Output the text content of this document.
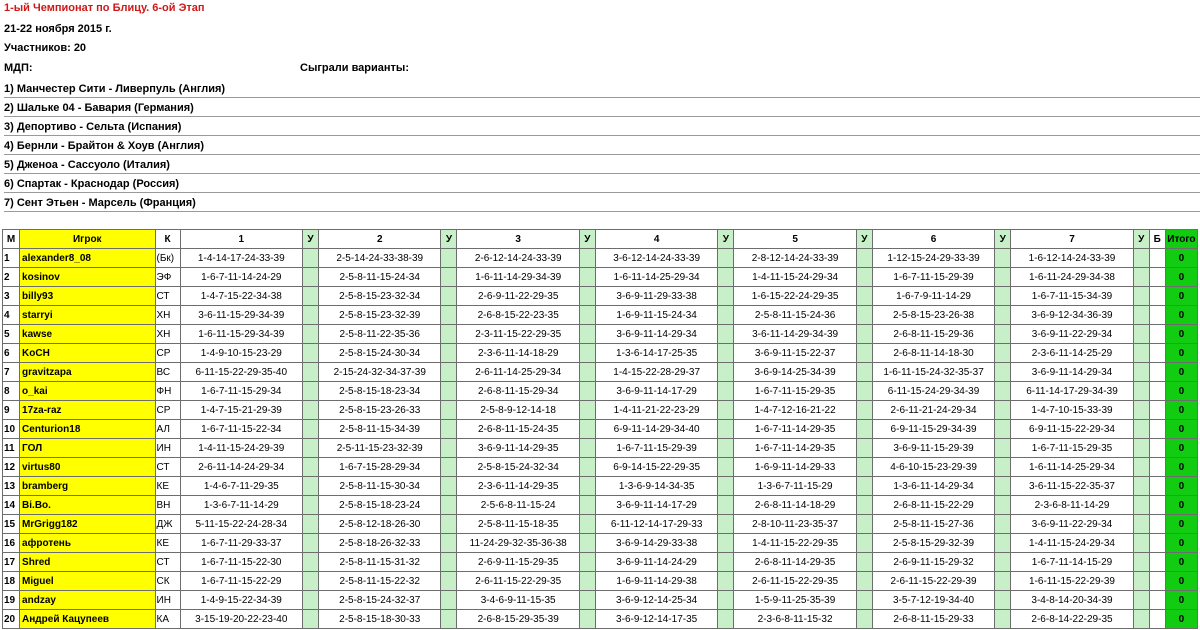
1-ый Чемпионат по Блицу. 6-ой Этап
21-22 ноября 2015 г.
Участников: 20
МДП:	Сыграли варианты:
1) Манчестер Сити - Ливерпуль (Англия)
2) Шальке 04 - Бавария (Германия)
3) Депортиво - Сельта (Испания)
4) Бернли - Брайтон & Хоув (Англия)
5) Дженоа - Сассуоло (Италия)
6) Спартак - Краснодар (Россия)
7) Сент Этьен - Марсель (Франция)
М	Игрок	К	1	У	2	У	3	У	4	У	5	У	6	У	7	У	Б	Итого
1	alexander8_08	(Бк)	1-4-14-17-24-33-39		2-5-14-24-33-38-39		2-6-12-14-24-33-39		3-6-12-14-24-33-39		2-8-12-14-24-33-39		1-12-15-24-29-33-39		1-6-12-14-24-33-39			0
2	kosinov	ЭФ	1-6-7-11-14-24-29		2-5-8-11-15-24-34		1-6-11-14-29-34-39		1-6-11-14-25-29-34		1-4-11-15-24-29-34		1-6-7-11-15-29-39		1-6-11-24-29-34-38			0
3	billy93	СТ	1-4-7-15-22-34-38		2-5-8-15-23-32-34		2-6-9-11-22-29-35		3-6-9-11-29-33-38		1-6-15-22-24-29-35		1-6-7-9-11-14-29		1-6-7-11-15-34-39			0
4	starryi	ХН	3-6-11-15-29-34-39		2-5-8-15-23-32-39		2-6-8-15-22-23-35		1-6-9-11-15-24-34		2-5-8-11-15-24-36		2-5-8-15-23-26-38		3-6-9-12-34-36-39			0
5	kawse	ХН	1-6-11-15-29-34-39		2-5-8-11-22-35-36		2-3-11-15-22-29-35		3-6-9-11-14-29-34		3-6-11-14-29-34-39		2-6-8-11-15-29-36		3-6-9-11-22-29-34			0
6	KoCH	СР	1-4-9-10-15-23-29		2-5-8-15-24-30-34		2-3-6-11-14-18-29		1-3-6-14-17-25-35		3-6-9-11-15-22-37		2-6-8-11-14-18-30		2-3-6-11-14-25-29			0
7	gravitzapa	ВС	6-11-15-22-29-35-40		2-15-24-32-34-37-39		2-6-11-14-25-29-34		1-4-15-22-28-29-37		3-6-9-14-25-34-39		1-6-11-15-24-32-35-37		3-6-9-11-14-29-34			0
8	o_kai	ФН	1-6-7-11-15-29-34		2-5-8-15-18-23-34		2-6-8-11-15-29-34		3-6-9-11-14-17-29		1-6-7-11-15-29-35		6-11-15-24-29-34-39		6-11-14-17-29-34-39			0
9	17za-raz	СР	1-4-7-15-21-29-39		2-5-8-15-23-26-33		2-5-8-9-12-14-18		1-4-11-21-22-23-29		1-4-7-12-16-21-22		2-6-11-21-24-29-34		1-4-7-10-15-33-39			0
10	Centurion18	АЛ	1-6-7-11-15-22-34		2-5-8-11-15-34-39		2-6-8-11-15-24-35		6-9-11-14-29-34-40		1-6-7-11-14-29-35		6-9-11-15-29-34-39		6-9-11-15-22-29-34			0
11	ГОЛ	ИН	1-4-11-15-24-29-39		2-5-11-15-23-32-39		3-6-9-11-14-29-35		1-6-7-11-15-29-39		1-6-7-11-14-29-35		3-6-9-11-15-29-39		1-6-7-11-15-29-35			0
12	virtus80	СТ	2-6-11-14-24-29-34		1-6-7-15-28-29-34		2-5-8-15-24-32-34		6-9-14-15-22-29-35		1-6-9-11-14-29-33		4-6-10-15-23-29-39		1-6-11-14-25-29-34			0
13	bramberg	КЕ	1-4-6-7-11-29-35		2-5-8-11-15-30-34		2-3-6-11-14-29-35		1-3-6-9-14-34-35		1-3-6-7-11-15-29		1-3-6-11-14-29-34		3-6-11-15-22-35-37			0
14	Bi.Bo.	ВН	1-3-6-7-11-14-29		2-5-8-15-18-23-24		2-5-6-8-11-15-24		3-6-9-11-14-17-29		2-6-8-11-14-18-29		2-6-8-11-15-22-29		2-3-6-8-11-14-29			0
15	MrGrigg182	ДЖ	5-11-15-22-24-28-34		2-5-8-12-18-26-30		2-5-8-11-15-18-35		6-11-12-14-17-29-33		2-8-10-11-23-35-37		2-5-8-11-15-27-36		3-6-9-11-22-29-34			0
16	афротень	КЕ	1-6-7-11-29-33-37		2-5-8-18-26-32-33		11-24-29-32-35-36-38		3-6-9-14-29-33-38		1-4-11-15-22-29-35		2-5-8-15-29-32-39		1-4-11-15-24-29-34			0
17	Shred	СТ	1-6-7-11-15-22-30		2-5-8-11-15-31-32		2-6-9-11-15-29-35		3-6-9-11-14-24-29		2-6-8-11-14-29-35		2-6-9-11-15-29-32		1-6-7-11-14-15-29			0
18	Miguel	СК	1-6-7-11-15-22-29		2-5-8-11-15-22-32		2-6-11-15-22-29-35		1-6-9-11-14-29-38		2-6-11-15-22-29-35		2-6-11-15-22-29-39		1-6-11-15-22-29-39			0
19	andzay	ИН	1-4-9-15-22-34-39		2-5-8-15-24-32-37		3-4-6-9-11-15-35		3-6-9-12-14-25-34		1-5-9-11-25-35-39		3-5-7-12-19-34-40		3-4-8-14-20-34-39			0
20	Андрей Кацупеев	КА	3-15-19-20-22-23-40		2-5-8-15-18-30-33		2-6-8-15-29-35-39		3-6-9-12-14-17-35		2-3-6-8-11-15-32		2-6-8-11-15-29-33		2-6-8-14-22-29-35			0
